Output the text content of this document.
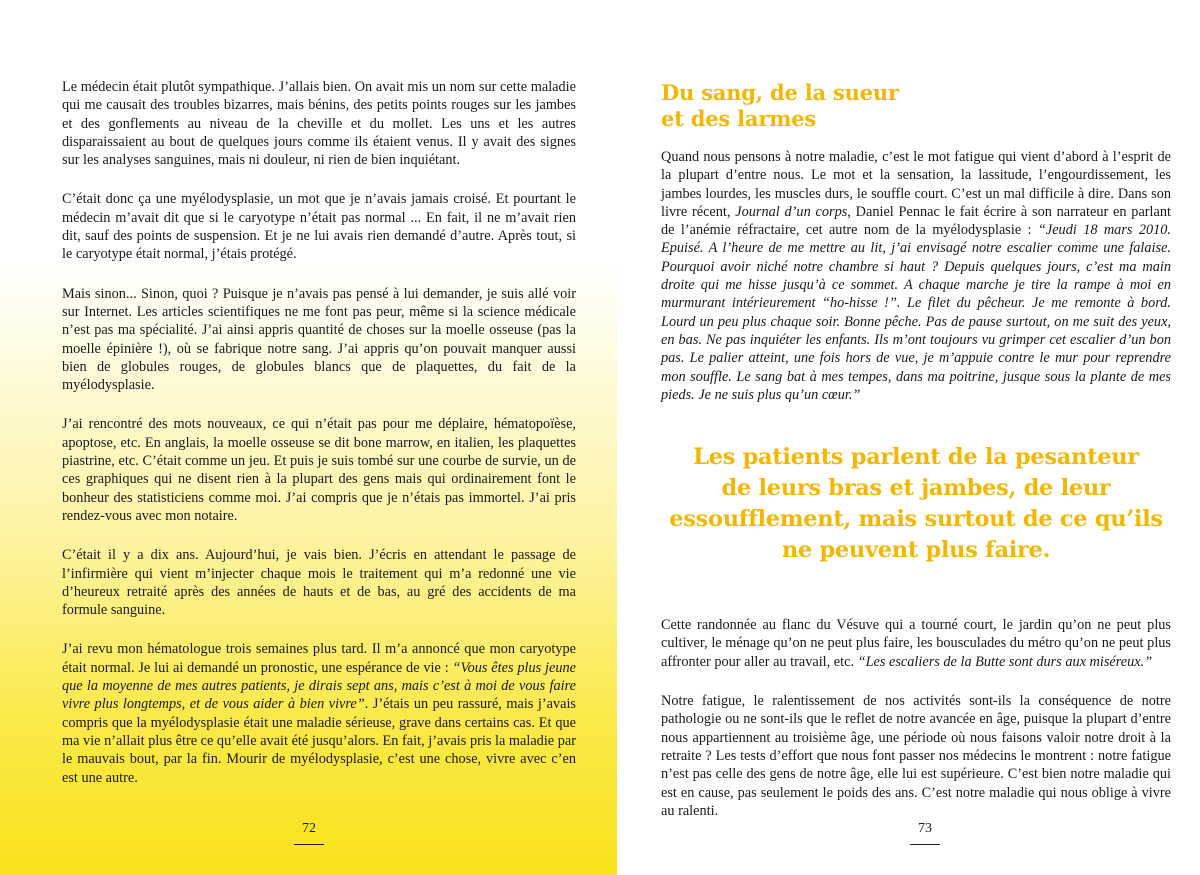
Le médecin était plutôt sympathique. J’allais bien. On avait mis un nom sur cette maladie qui me causait des troubles bizarres, mais bénins, des petits points rouges sur les jambes et des gonflements au niveau de la cheville et du mollet. Les uns et les autres disparaissaient au bout de quelques jours comme ils étaient venus. Il y avait des signes sur les analyses sanguines, mais ni douleur, ni rien de bien inquiétant.

C’était donc ça une myélodysplasie, un mot que je n’avais jamais croisé. Et pourtant le médecin m’avait dit que si le caryotype n’était pas normal ... En fait, il ne m’avait rien dit, sauf des points de suspension. Et je ne lui avais rien demandé d’autre. Après tout, si le caryotype était normal, j’étais protégé.

Mais sinon... Sinon, quoi ? Puisque je n’avais pas pensé à lui demander, je suis allé voir sur Internet. Les articles scientifiques ne me font pas peur, même si la science médicale n’est pas ma spécialité. J’ai ainsi appris quantité de choses sur la moelle osseuse (pas la moelle épinière !), où se fabrique notre sang. J’ai appris qu’on pouvait manquer aussi bien de globules rouges, de globules blancs que de plaquettes, du fait de la myélodysplasie.

J’ai rencontré des mots nouveaux, ce qui n’était pas pour me déplaire, hématopoïèse, apoptose, etc. En anglais, la moelle osseuse se dit bone marrow, en italien, les plaquettes piastrine, etc. C’était comme un jeu. Et puis je suis tombé sur une courbe de survie, un de ces graphiques qui ne disent rien à la plupart des gens mais qui ordinairement font le bonheur des statisticiens comme moi. J’ai compris que je n’étais pas immortel. J’ai pris rendez-vous avec mon notaire.

C’était il y a dix ans. Aujourd’hui, je vais bien. J’écris en attendant le passage de l’infirmière qui vient m’injecter chaque mois le traitement qui m’a redonné une vie d’heureux retraité après des années de hauts et de bas, au gré des accidents de ma formule sanguine.

J’ai revu mon hématologue trois semaines plus tard. Il m’a annoncé que mon caryotype était normal. Je lui ai demandé un pronostic, une espérance de vie : “Vous êtes plus jeune que la moyenne de mes autres patients, je dirais sept ans, mais c’est à moi de vous faire vivre plus longtemps, et de vous aider à bien vivre”. J’étais un peu rassuré, mais j’avais compris que la myélodysplasie était une maladie sérieuse, grave dans certains cas. Et que ma vie n’allait plus être ce qu’elle avait été jusqu’alors. En fait, j’avais pris la maladie par le mauvais bout, par la fin. Mourir de myélodysplasie, c’est une chose, vivre avec c’en est une autre.

72
Du sang, de la sueur
et des larmes

Quand nous pensons à notre maladie, c’est le mot fatigue qui vient d’abord à l’esprit de la plupart d’entre nous. Le mot et la sensation, la lassitude, l’engourdissement, les jambes lourdes, les muscles durs, le souffle court. C’est un mal difficile à dire. Dans son livre récent, Journal d’un corps, Daniel Pennac le fait écrire à son narrateur en parlant de l’anémie réfractaire, cet autre nom de la myélodysplasie : “Jeudi 18 mars 2010. Epuisé. A l’heure de me mettre au lit, j’ai envisagé notre escalier comme une falaise. Pourquoi avoir niché notre chambre si haut ? Depuis quelques jours, c’est ma main droite qui me hisse jusqu’à ce sommet. A chaque marche je tire la rampe à moi en murmurant intérieurement “ho-hisse !”. Le filet du pêcheur. Je me remonte à bord. Lourd un peu plus chaque soir. Bonne pêche. Pas de pause surtout, on me suit des yeux, en bas. Ne pas inquiéter les enfants. Ils m’ont toujours vu grimper cet escalier d’un bon pas. Le palier atteint, une fois hors de vue, je m’appuie contre le mur pour reprendre mon souffle. Le sang bat à mes tempes, dans ma poitrine, jusque sous la plante de mes pieds. Je ne suis plus qu’un cœur.”

Les patients parlent de la pesanteur
de leurs bras et jambes, de leur
essoufflement, mais surtout de ce qu’ils
ne peuvent plus faire.

Cette randonnée au flanc du Vésuve qui a tourné court, le jardin qu’on ne peut plus cultiver, le ménage qu’on ne peut plus faire, les bousculades du métro qu’on ne peut plus affronter pour aller au travail, etc. “Les escaliers de la Butte sont durs aux miséreux.”

Notre fatigue, le ralentissement de nos activités sont-ils la conséquence de notre pathologie ou ne sont-ils que le reflet de notre avancée en âge, puisque la plupart d’entre nous appartiennent au troisième âge, une période où nous faisons valoir notre droit à la retraite ? Les tests d’effort que nous font passer nos médecins le montrent : notre fatigue n’est pas celle des gens de notre âge, elle lui est supérieure. C’est bien notre maladie qui est en cause, pas seulement le poids des ans. C’est notre maladie qui nous oblige à vivre au ralenti.

73
